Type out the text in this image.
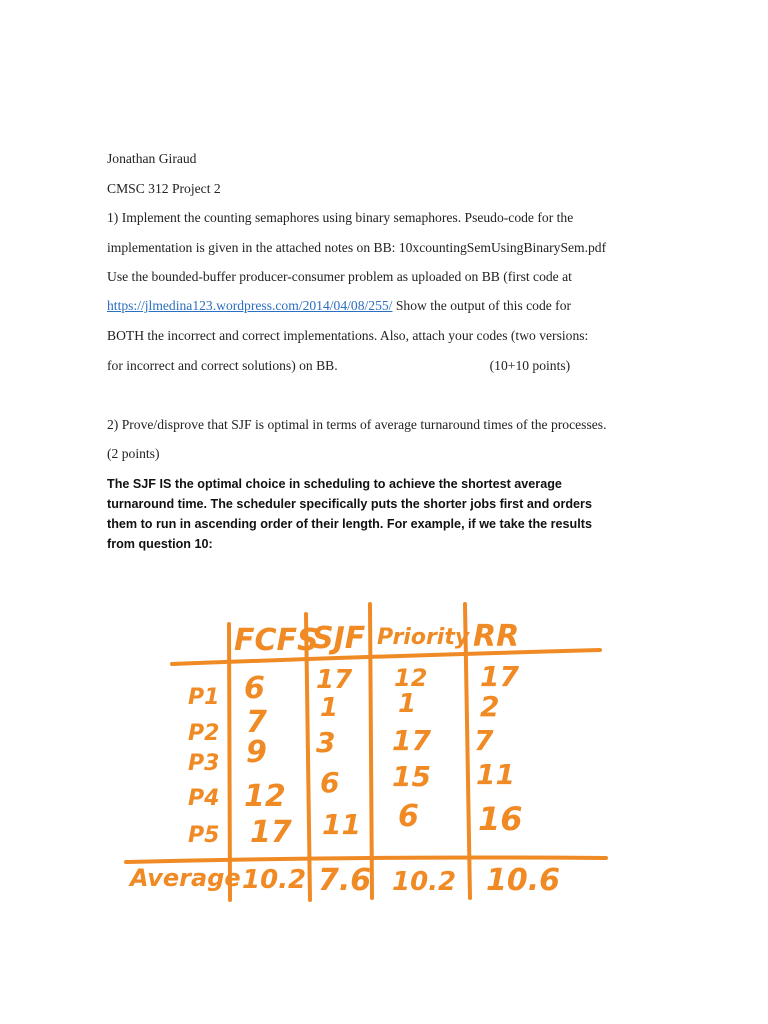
Jonathan Giraud
CMSC 312 Project 2
1) Implement the counting semaphores using binary semaphores. Pseudo-code for the
implementation is given in the attached notes on BB: 10xcountingSemUsingBinarySem.pdf
Use the bounded-buffer producer-consumer problem as uploaded on BB (first code at
https://jlmedina123.wordpress.com/2014/04/08/255/ Show the output of this code for
BOTH the incorrect and correct implementations. Also, attach your codes (two versions:
for incorrect and correct solutions) on BB.	(10+10 points)
2) Prove/disprove that SJF is optimal in terms of average turnaround times of the processes.
(2 points)
The SJF IS the optimal choice in scheduling to achieve the shortest average
turnaround time. The scheduler specifically puts the shorter jobs first and orders
them to run in ascending order of their length. For example, if we take the results
from question 10:
FCFS
SJF Priority RR
P1
P2
P3
P4
P5
6 17 12 17
7 1 1 2
9 3 17 7
12 6 15 11
17 11 6 16
Average 10.2 7.6 10.2 10.6
